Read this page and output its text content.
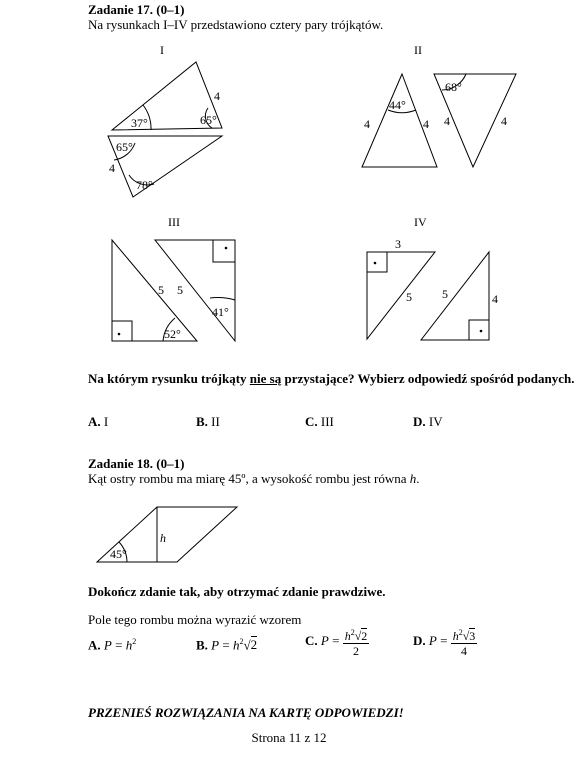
Zadanie 17. (0–1)
Na rysunkach I–IV przedstawiono cztery pary trójkątów.
I	II
III	IV
37°	65°
4
65°
4
78°
44°
4	4
68°
4	4
5 5
52°
41°
3
5	5	4
h
45°
Na którym rysunku trójkąty nie są przystające? Wybierz odpowiedź spośród podanych.
A. I	B. II	C. III	D. IV
Zadanie 18. (0–1)
Kąt ostry rombu ma miarę 45º, a wysokość rombu jest równa h.
Dokończ zdanie tak, aby otrzymać zdanie prawdziwe.
Pole tego rombu można wyrazić wzorem
A. $P = h^2$	B. $P = h^2√2$	C. $P = \frac{h^2√2}{2}$	D. $P = \frac{h^2√3}{4}$
PRZENIEŚ ROZWIĄZANIA NA KARTĘ ODPOWIEDZI!
Strona 11 z 12
